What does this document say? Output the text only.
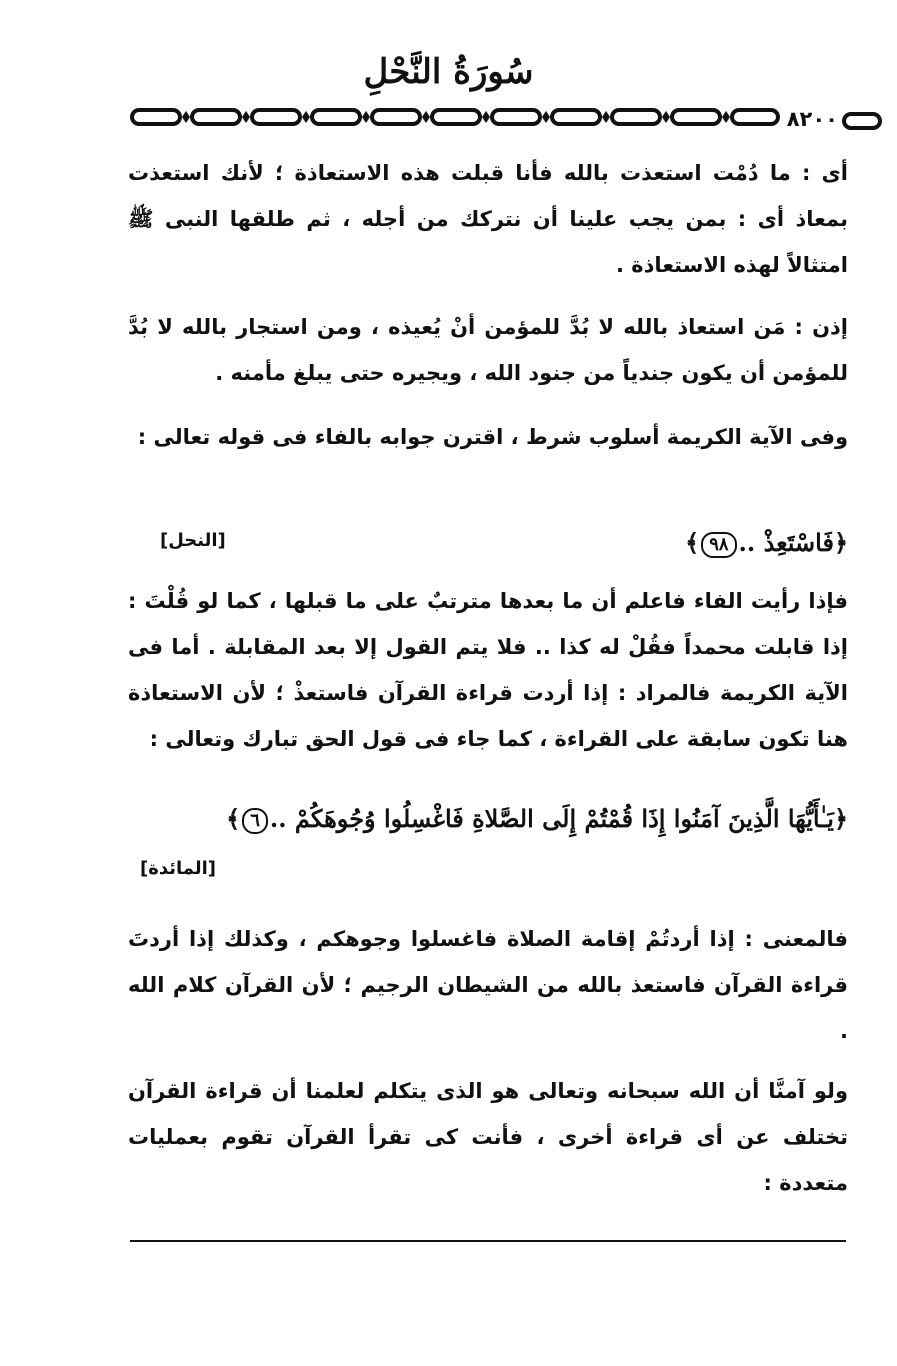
سُورَةُ النَّحْلِ
٨٢٠٠

أى : ما دُمْت استعذت بالله فأنا قبلت هذه الاستعاذة ؛ لأنك استعذت بمعاذ أى : بمن يجب علينا أن نتركك من أجله ، ثم طلقها النبى ﷺ امتثالاً لهذه الاستعاذة .

إذن : مَن استعاذ بالله لا بُدَّ للمؤمن أنْ يُعيذه ، ومن استجار بالله لا بُدَّ للمؤمن أن يكون جندياً من جنود الله ، ويجيره حتى يبلغ مأمنه .

وفى الآية الكريمة أسلوب شرط ، اقترن جوابه بالفاء فى قوله تعالى :

﴿فَاسْتَعِذْ ..٩٨﴾
[النحل]

فإذا رأيت الفاء فاعلم أن ما بعدها مترتبٌ على ما قبلها ، كما لو قُلْتَ : إذا قابلت محمداً فقُلْ له كذا .. فلا يتم القول إلا بعد المقابلة . أما فى الآية الكريمة فالمراد : إذا أردت قراءة القرآن فاستعذْ ؛ لأن الاستعاذة هنا تكون سابقة على القراءة ، كما جاء فى قول الحق تبارك وتعالى :

﴿يَـٰأَيُّهَا الَّذِينَ آمَنُوا إِذَا قُمْتُمْ إِلَى الصَّلاةِ فَاغْسِلُوا وُجُوهَكُمْ ..٦﴾
[المائدة]

فالمعنى : إذا أردتُمْ إقامة الصلاة فاغسلوا وجوهكم ، وكذلك إذا أردتَ قراءة القرآن فاستعذ بالله من الشيطان الرجيم ؛ لأن القرآن كلام الله .

ولو آمنَّا أن الله سبحانه وتعالى هو الذى يتكلم لعلمنا أن قراءة القرآن تختلف عن أى قراءة أخرى ، فأنت كى تقرأ القرآن تقوم بعمليات متعددة :
